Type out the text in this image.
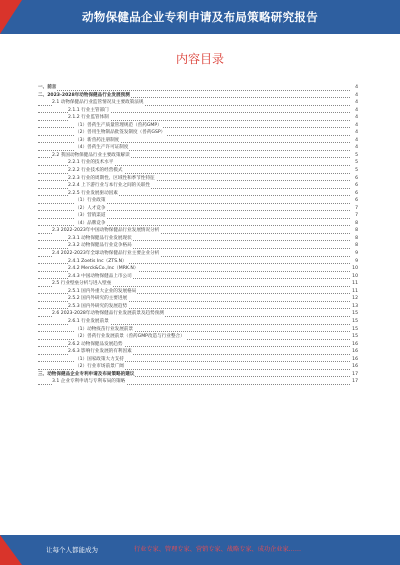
动物保健品企业专利申请及布局策略研究报告
内容目录
一、前言	4
二、2023-2028年动物保健品行业发展预测	4
2.1 动物保健品行业监管情况及主要政策法规	4
2.1.1 行业主管部门	4
2.1.2 行业监管体制	4
（1）兽药生产质量管理规范（兽药GMP）	4
（2）兽用生物制品批签发制度（兽药GSP）	4
（3）新兽药注册制度	4
（4）兽药生产许可证制度	4
2.2 我国动物保健品行业主要政策解读	5
2.2.1 行业的技术水平	5
2.2.2 行业技术的经营模式	5
2.2.3 行业的周期性、区域性和季节性特征	6
2.2.4 上下游行业与本行业之间的关联性	6
2.2.5 行业发展驱动因素	6
（1）行业政策	6
（2）人才竞争	7
（3）营销渠道	7
（4）品牌竞争	8
2.3 2022-2023年中国动物保健品行业发展情况分析	8
2.3.1 动物保健品行业发展现状	8
2.3.2 动物保健品行业竞争格局	8
2.4 2022-2023年全球动物保健品行业主要企业分析	9
2.4.1 Zoetis Inc（ZTS.N）	9
2.4.2 Merck&Co.,Inc（MRK.N）	10
2.4.3 中国动物保健品上市公司	10
2.5 行业壁垒分析与进入壁垒	11
2.5.1 国内外重大企业的发展格局	11
2.5.2 国内外研究的主要进展	12
2.5.3 国内外研究的发展趋势	13
2.6 2023-2028年动物保健品行业发展前景及趋势预测	15
2.6.1 行业发展前景	15
（1）动物疫苗行业发展前景	15
（2）兽药行业发展前景（兽药GMP改造与行业整合）	15
2.6.2 动物保健品发展趋势	16
2.6.3 影响行业发展的有利因素	16
（1）国家政策大力支持	16
（2）行业市场前景广阔	16
三、动物保健品企业专利申请及布局策略的建议	17
3.1 企业专利申请与专利布局的策略	17
让每个人都能成为	行业专家、管理专家、营销专家、战略专家、成功企业家……
